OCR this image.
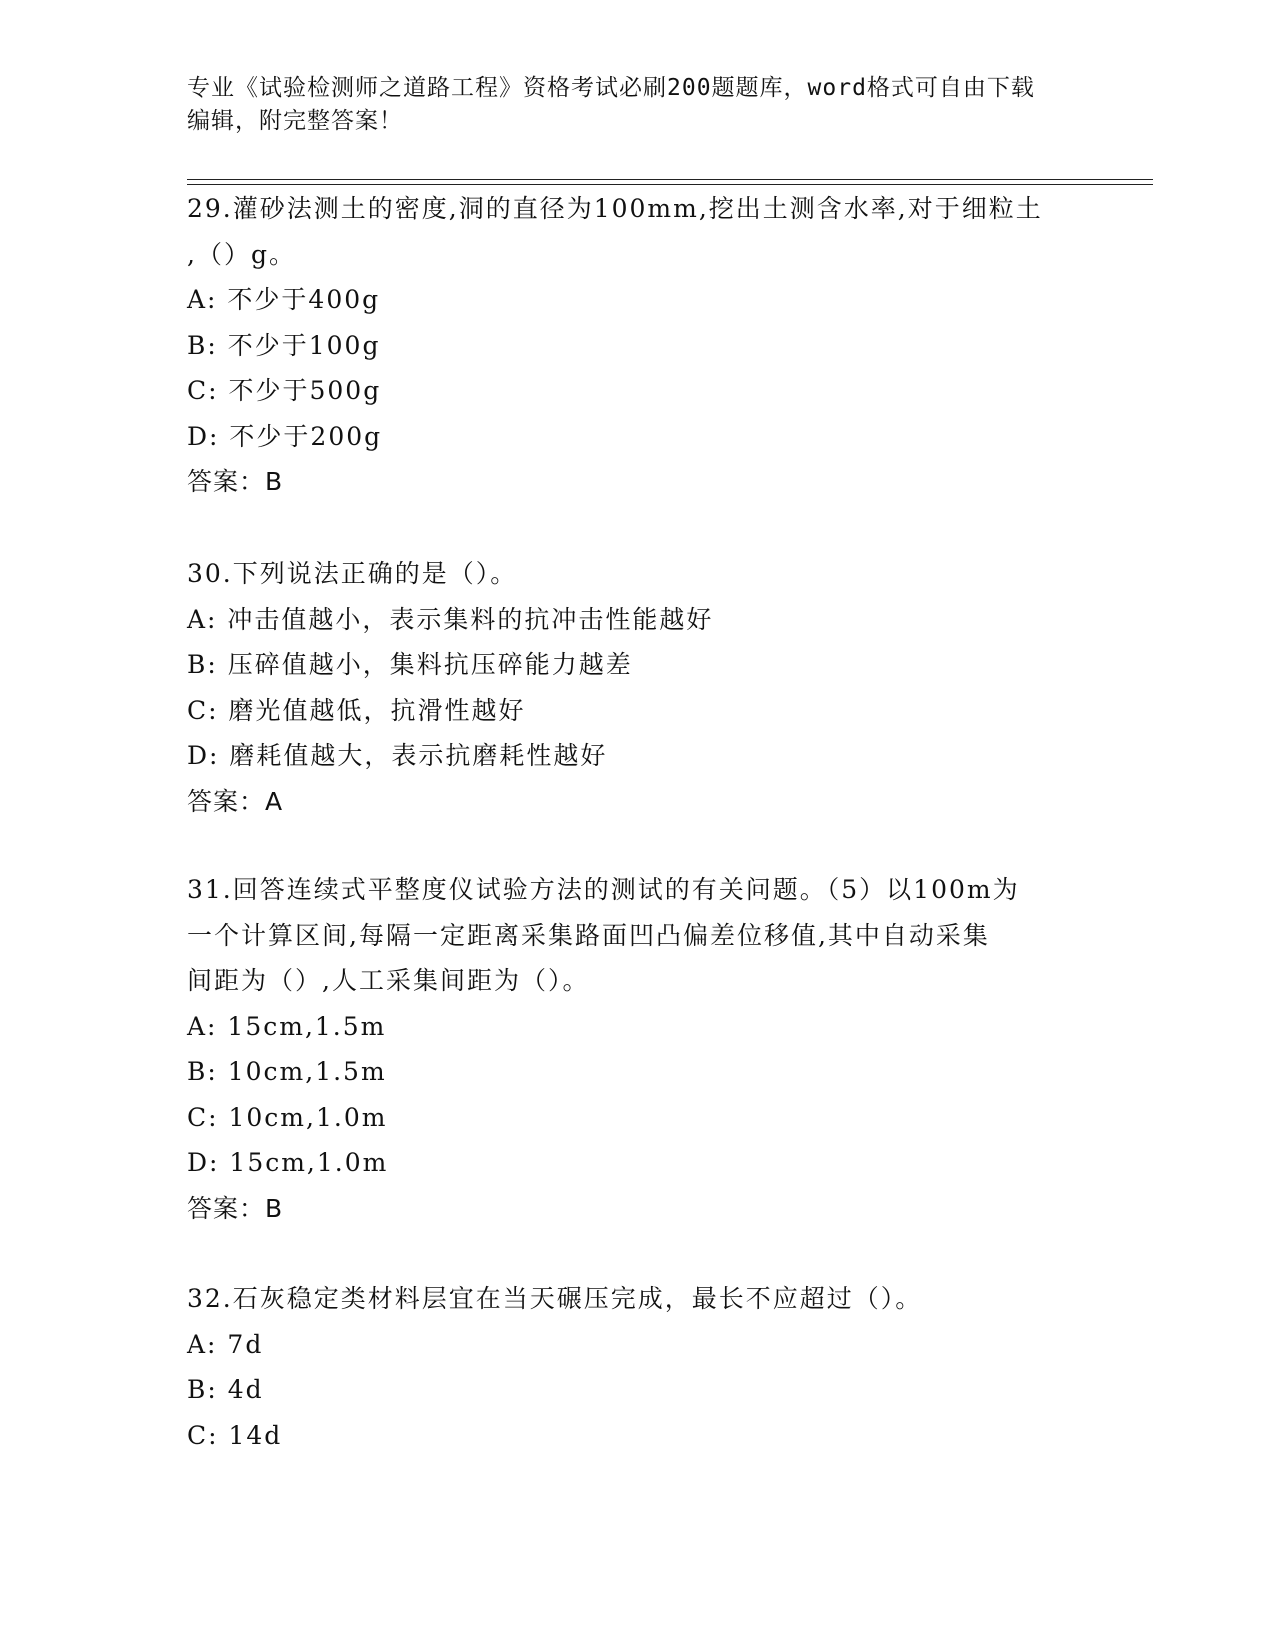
专业《试验检测师之道路工程》资格考试必刷200题题库，word格式可自由下载
编辑，附完整答案！
29.灌砂法测土的密度,洞的直径为100mm,挖出土测含水率,对于细粒土
,（）g。
A: 不少于400g
B: 不少于100g
C: 不少于500g
D: 不少于200g
答案：B
30.下列说法正确的是（）。
A: 冲击值越小，表示集料的抗冲击性能越好
B: 压碎值越小，集料抗压碎能力越差
C: 磨光值越低，抗滑性越好
D: 磨耗值越大，表示抗磨耗性越好
答案：A
31.回答连续式平整度仪试验方法的测试的有关问题。（5）以100m为
一个计算区间,每隔一定距离采集路面凹凸偏差位移值,其中自动采集
间距为（）,人工采集间距为（）。
A: 15cm,1.5m
B: 10cm,1.5m
C: 10cm,1.0m
D: 15cm,1.0m
答案：B
32.石灰稳定类材料层宜在当天碾压完成，最长不应超过（）。
A: 7d
B: 4d
C: 14d
